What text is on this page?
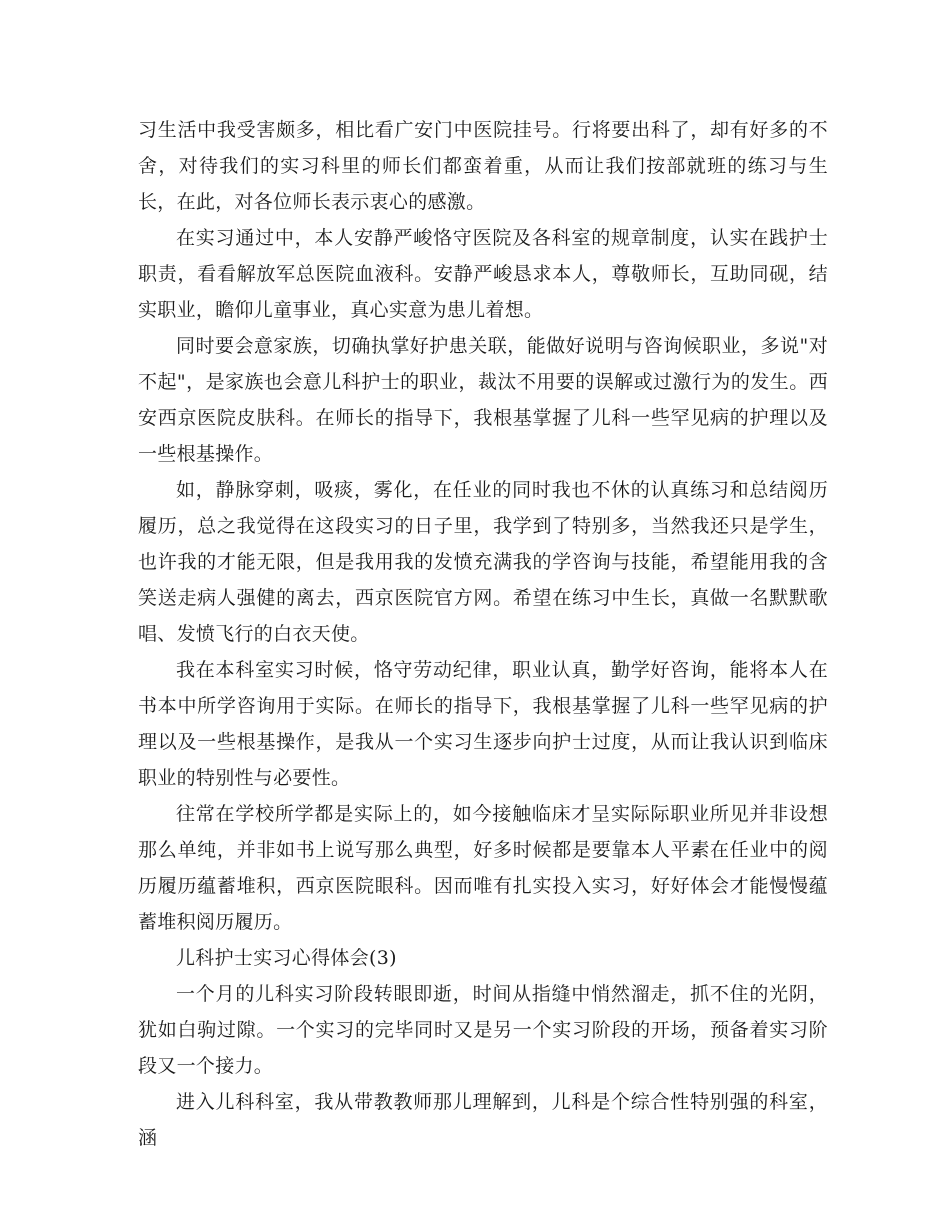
习生活中我受害颇多，相比看广安门中医院挂号。行将要出科了，却有好多的不舍，对待我们的实习科里的师长们都蛮着重，从而让我们按部就班的练习与生长，在此，对各位师长表示衷心的感激。

在实习通过中，本人安静严峻恪守医院及各科室的规章制度，认实在践护士职责，看看解放军总医院血液科。安静严峻恳求本人，尊敬师长，互助同砚，结实职业，瞻仰儿童事业，真心实意为患儿着想。

同时要会意家族，切确执掌好护患关联，能做好说明与咨询候职业，多说"对不起"，是家族也会意儿科护士的职业，裁汰不用要的误解或过激行为的发生。西安西京医院皮肤科。在师长的指导下，我根基掌握了儿科一些罕见病的护理以及一些根基操作。

如，静脉穿刺，吸痰，雾化，在任业的同时我也不休的认真练习和总结阅历履历，总之我觉得在这段实习的日子里，我学到了特别多，当然我还只是学生，也许我的才能无限，但是我用我的发愤充满我的学咨询与技能，希望能用我的含笑送走病人强健的离去，西京医院官方网。希望在练习中生长，真做一名默默歌唱、发愤飞行的白衣天使。

我在本科室实习时候，恪守劳动纪律，职业认真，勤学好咨询，能将本人在书本中所学咨询用于实际。在师长的指导下，我根基掌握了儿科一些罕见病的护理以及一些根基操作，是我从一个实习生逐步向护士过度，从而让我认识到临床职业的特别性与必要性。

往常在学校所学都是实际上的，如今接触临床才呈实际际职业所见并非设想那么单纯，并非如书上说写那么典型，好多时候都是要靠本人平素在任业中的阅历履历蕴蓄堆积，西京医院眼科。因而唯有扎实投入实习，好好体会才能慢慢蕴蓄堆积阅历履历。

儿科护士实习心得体会(3)

一个月的儿科实习阶段转眼即逝，时间从指缝中悄然溜走，抓不住的光阴，犹如白驹过隙。一个实习的完毕同时又是另一个实习阶段的开场，预备着实习阶段又一个接力。

进入儿科科室，我从带教教师那儿理解到，儿科是个综合性特别强的科室，涵
